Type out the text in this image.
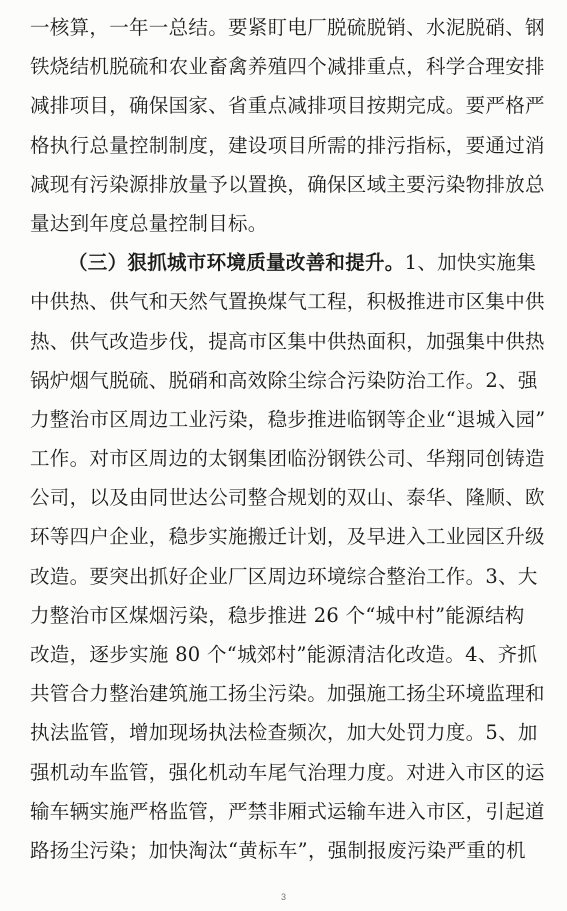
一核算，一年一总结。要紧盯电厂脱硫脱销、水泥脱硝、钢
铁烧结机脱硫和农业畜禽养殖四个减排重点，科学合理安排
减排项目，确保国家、省重点减排项目按期完成。要严格严
格执行总量控制制度，建设项目所需的排污指标，要通过消
减现有污染源排放量予以置换，确保区域主要污染物排放总
量达到年度总量控制目标。
（三）狠抓城市环境质量改善和提升。1、加快实施集
中供热、供气和天然气置换煤气工程，积极推进市区集中供
热、供气改造步伐，提高市区集中供热面积，加强集中供热
锅炉烟气脱硫、脱硝和高效除尘综合污染防治工作。2、强
力整治市区周边工业污染，稳步推进临钢等企业“退城入园”
工作。对市区周边的太钢集团临汾钢铁公司、华翔同创铸造
公司，以及由同世达公司整合规划的双山、泰华、隆顺、欧
环等四户企业，稳步实施搬迁计划，及早进入工业园区升级
改造。要突出抓好企业厂区周边环境综合整治工作。3、大
力整治市区煤烟污染，稳步推进 26 个“城中村”能源结构
改造，逐步实施 80 个“城郊村”能源清洁化改造。4、齐抓
共管合力整治建筑施工扬尘污染。加强施工扬尘环境监理和
执法监管，增加现场执法检查频次，加大处罚力度。5、加
强机动车监管，强化机动车尾气治理力度。对进入市区的运
输车辆实施严格监管，严禁非厢式运输车进入市区，引起道
路扬尘污染；加快淘汰“黄标车”，强制报废污染严重的机
3
